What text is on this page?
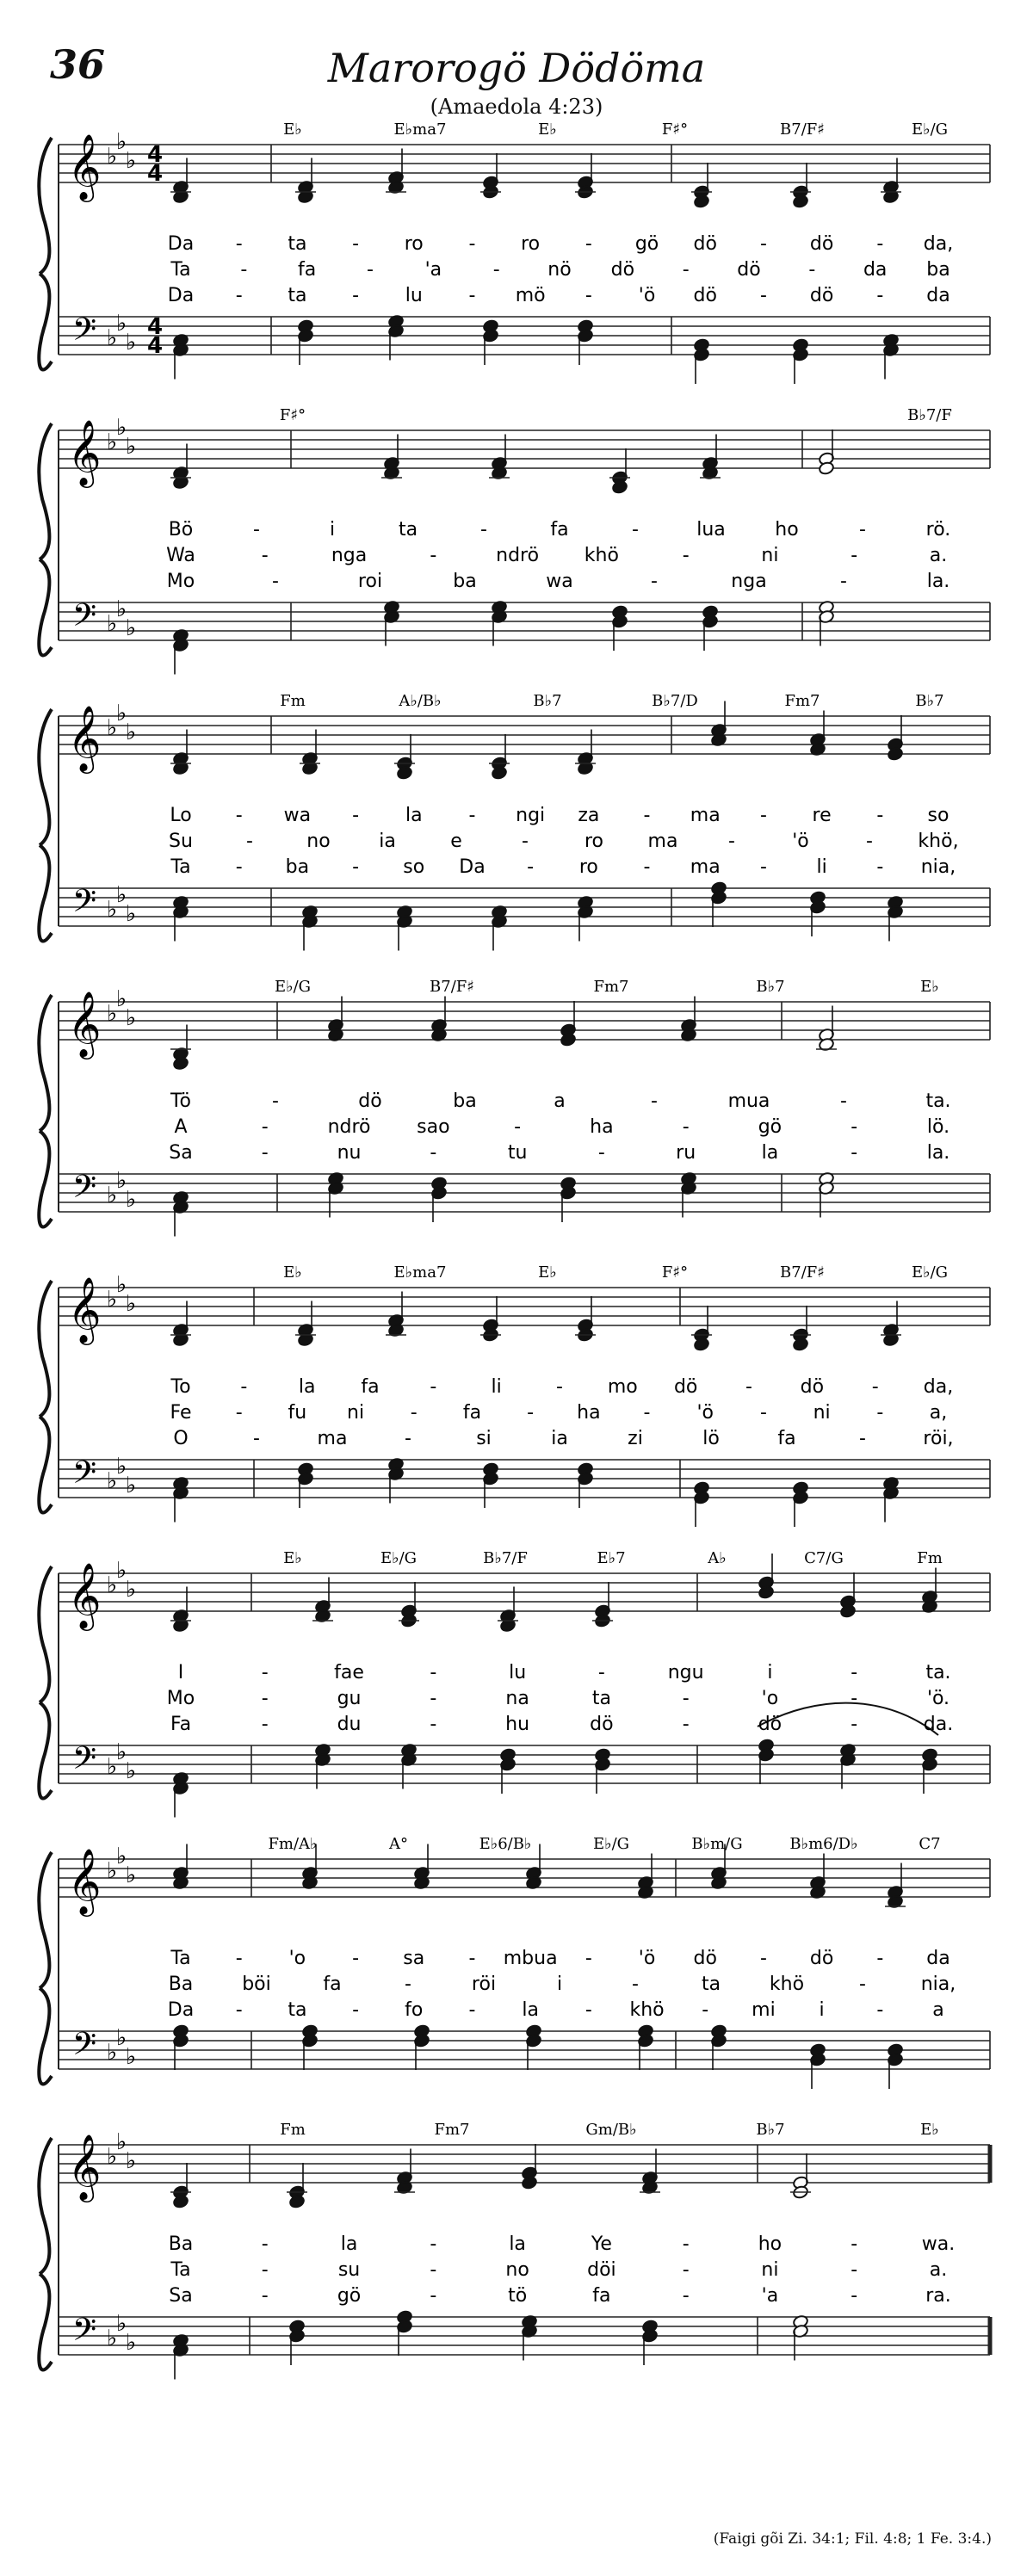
36	Marorogö Dödöma
(Amaedola 4:23)
𝄞 ♭
♭
♭ 4
4
𝄢 ♭
♭
♭
4
4
E♭	E♭ma7	E♭	F♯°	B7/F♯	E♭/G
Da - ta - ro - ro - gö dö - dö - da,
Ta	-	fa	-	'a	-	nö dö	-	dö	-	da ba
Da - ta - lu - mö - 'ö dö - dö - da
𝄞 ♭
♭
♭
𝄢 ♭
♭
♭
F♯°	B♭7/F
Bö	-	i	ta	-	fa	-	lua	ho	-	rö.
Wa	-	nga	-	ndrö khö	-	ni	-	a.
Mo	-	roi	ba	wa	-	nga	-	la.
𝄞 ♭
♭
♭
𝄢 ♭
♭
♭
Fm	A♭/B♭	B♭7	B♭7/D	Fm7	B♭7
Lo - wa - la - ngi za - ma - re - so
Su	-	no	ia	e	-	ro ma	-	'ö	- khö,
Ta - ba - so Da - ro - ma -	li	- nia,
𝄞 ♭
♭
♭
𝄢 ♭
♭
♭
E♭/G	B7/F♯	Fm7	B♭7	E♭
Tö	-	dö	ba	a	-	mua	-	ta.
A	-	ndrö sao	-	ha	-	gö	-	lö.
Sa	-	nu	-	tu	-	ru	la	-	la.
𝄞 ♭
♭
♭
𝄢 ♭
♭
♭
E♭	E♭ma7	E♭	F♯°	B7/F♯	E♭/G
To	-	la fa	-	li	- mo dö	-	dö	- da,
Fe - fu ni - fa - ha - 'ö - ni - a,
O	-	ma	-	si	ia	zi	lö	fa	-	röi,
𝄞 ♭
♭
♭
𝄢 ♭
♭
♭
E♭	E♭/G	B♭7/F	E♭7	A♭	C7/G	Fm
I	-	fae	-	lu	-	ngu	i	-	ta.
Mo	-	gu	-	na	ta	-	'o	-	'ö.
Fa	-	du	-	hu	dö	-	dö	-	da.
𝄞 ♭
♭
♭
𝄢 ♭
♭
♭
Fm/A♭	A°	E♭6/B♭	E♭/G	B♭m/G	B♭m6/D♭	C7
Ta - 'o - sa - mbua - 'ö dö - dö - da
Ba	böi	fa	-	röi	i	-	ta	khö	-	nia,
Da - ta - fo - la - khö - mi i	-	a
𝄞 ♭
♭
♭
𝄢 ♭
♭
♭
Fm	Fm7	Gm/B♭	B♭7	E♭
Ba	-	la	-	la	Ye	-	ho	-	wa.
Ta	-	su	-	no	döi	-	ni	-	a.
Sa	-	gö	-	tö	fa	-	'a	-	ra.
(Faigi gõi Zi. 34:1; Fil. 4:8; 1 Fe. 3:4.)
